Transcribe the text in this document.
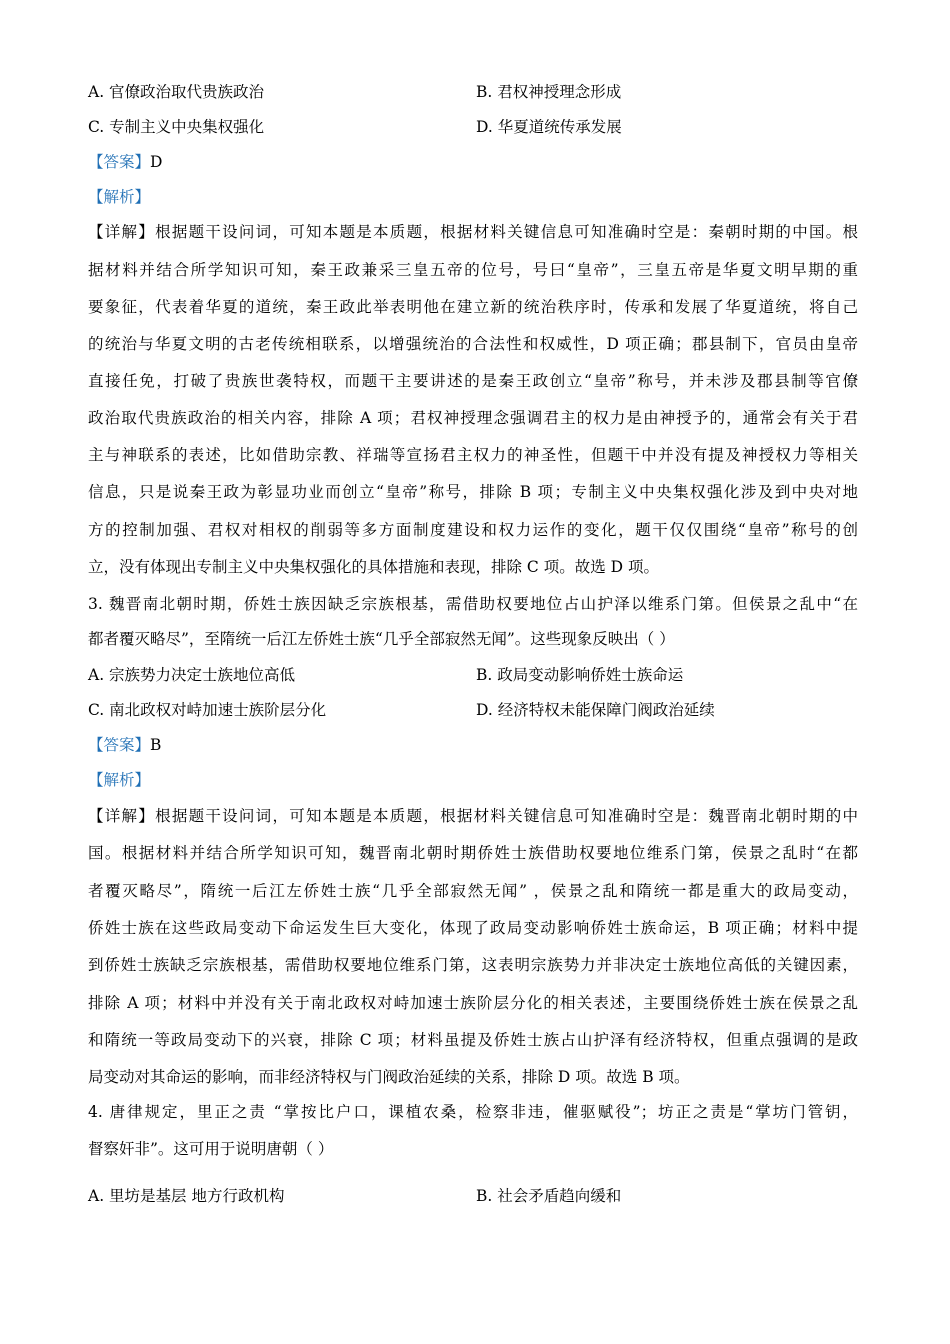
A. 官僚政治取代贵族政治	B. 君权神授理念形成
C. 专制主义中央集权强化	D. 华夏道统传承发展
【答案】D
【解析】
【详解】根据题干设问词，可知本题是本质题，根据材料关键信息可知准确时空是：秦朝时期的中国。根
据材料并结合所学知识可知，秦王政兼采三皇五帝的位号，号曰“皇帝”，三皇五帝是华夏文明早期的重
要象征，代表着华夏的道统，秦王政此举表明他在建立新的统治秩序时，传承和发展了华夏道统，将自己
的统治与华夏文明的古老传统相联系，以增强统治的合法性和权威性，D 项正确；郡县制下，官员由皇帝
直接任免，打破了贵族世袭特权，而题干主要讲述的是秦王政创立“皇帝”称号，并未涉及郡县制等官僚
政治取代贵族政治的相关内容，排除 A 项；君权神授理念强调君主的权力是由神授予的，通常会有关于君
主与神联系的表述，比如借助宗教、祥瑞等宣扬君主权力的神圣性，但题干中并没有提及神授权力等相关
信息，只是说秦王政为彰显功业而创立“皇帝”称号，排除 B 项；专制主义中央集权强化涉及到中央对地
方的控制加强、君权对相权的削弱等多方面制度建设和权力运作的变化，题干仅仅围绕“皇帝”称号的创
立，没有体现出专制主义中央集权强化的具体措施和表现，排除 C 项。故选 D 项。
3. 魏晋南北朝时期，侨姓士族因缺乏宗族根基，需借助权要地位占山护泽以维系门第。但侯景之乱中“在
都者覆灭略尽”，至隋统一后江左侨姓士族“几乎全部寂然无闻”。这些现象反映出（ ）
A. 宗族势力决定士族地位高低	B. 政局变动影响侨姓士族命运
C. 南北政权对峙加速士族阶层分化	D. 经济特权未能保障门阀政治延续
【答案】B
【解析】
【详解】根据题干设问词，可知本题是本质题，根据材料关键信息可知准确时空是：魏晋南北朝时期的中
国。根据材料并结合所学知识可知，魏晋南北朝时期侨姓士族借助权要地位维系门第，侯景之乱时“在都
者覆灭略尽”，隋统一后江左侨姓士族“几乎全部寂然无闻” ，侯景之乱和隋统一都是重大的政局变动，
侨姓士族在这些政局变动下命运发生巨大变化，体现了政局变动影响侨姓士族命运，B 项正确；材料中提
到侨姓士族缺乏宗族根基，需借助权要地位维系门第，这表明宗族势力并非决定士族地位高低的关键因素，
排除 A 项；材料中并没有关于南北政权对峙加速士族阶层分化的相关表述，主要围绕侨姓士族在侯景之乱
和隋统一等政局变动下的兴衰，排除 C 项；材料虽提及侨姓士族占山护泽有经济特权，但重点强调的是政
局变动对其命运的影响，而非经济特权与门阀政治延续的关系，排除 D 项。故选 B 项。
4. 唐律规定，里正之责 “掌按比户口，课植农桑，检察非违，催驱赋役”；坊正之责是“掌坊门管钥，
督察奸非”。这可用于说明唐朝（ ）
A. 里坊是基层 地方行政机构	B. 社会矛盾趋向缓和
